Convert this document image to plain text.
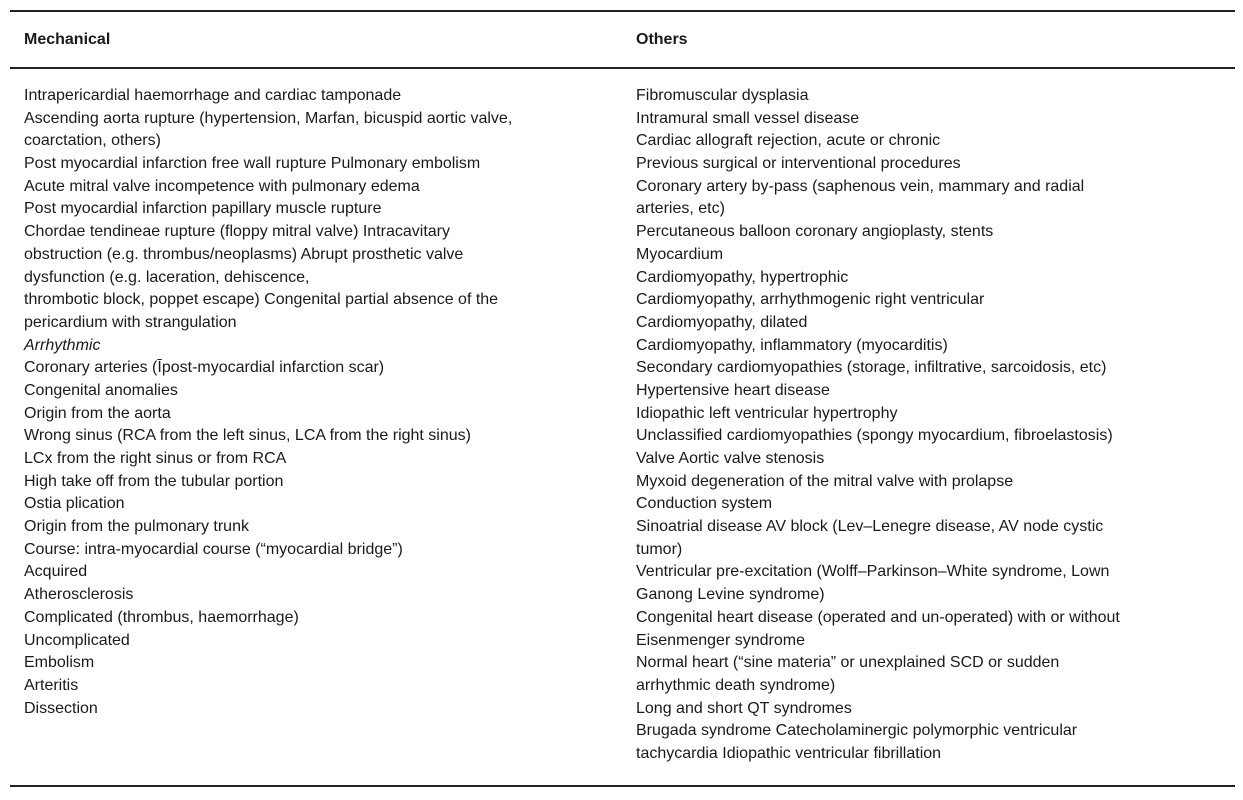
Mechanical	Others
Intrapericardial haemorrhage and cardiac tamponade
Ascending aorta rupture (hypertension, Marfan, bicuspid aortic valve,
coarctation, others)
Post myocardial infarction free wall rupture Pulmonary embolism
Acute mitral valve incompetence with pulmonary edema
Post myocardial infarction papillary muscle rupture
Chordae tendineae rupture (floppy mitral valve) Intracavitary
obstruction (e.g. thrombus/neoplasms) Abrupt prosthetic valve
dysfunction (e.g. laceration, dehiscence,
thrombotic block, poppet escape) Congenital partial absence of the
pericardium with strangulation
Arrhythmic
Coronary arteries (Īpost-myocardial infarction scar)
Congenital anomalies
Origin from the aorta
Wrong sinus (RCA from the left sinus, LCA from the right sinus)
LCx from the right sinus or from RCA
High take off from the tubular portion
Ostia plication
Origin from the pulmonary trunk
Course: intra-myocardial course (“myocardial bridge”)
Acquired
Atherosclerosis
Complicated (thrombus, haemorrhage)
Uncomplicated
Embolism
Arteritis
Dissection
Fibromuscular dysplasia
Intramural small vessel disease
Cardiac allograft rejection, acute or chronic
Previous surgical or interventional procedures
Coronary artery by-pass (saphenous vein, mammary and radial
arteries, etc)
Percutaneous balloon coronary angioplasty, stents
Myocardium
Cardiomyopathy, hypertrophic
Cardiomyopathy, arrhythmogenic right ventricular
Cardiomyopathy, dilated
Cardiomyopathy, inflammatory (myocarditis)
Secondary cardiomyopathies (storage, infiltrative, sarcoidosis, etc)
Hypertensive heart disease
Idiopathic left ventricular hypertrophy
Unclassified cardiomyopathies (spongy myocardium, fibroelastosis)
Valve Aortic valve stenosis
Myxoid degeneration of the mitral valve with prolapse
Conduction system
Sinoatrial disease AV block (Lev–Lenegre disease, AV node cystic
tumor)
Ventricular pre-excitation (Wolff–Parkinson–White syndrome, Lown
Ganong Levine syndrome)
Congenital heart disease (operated and un-operated) with or without
Eisenmenger syndrome
Normal heart (“sine materia” or unexplained SCD or sudden
arrhythmic death syndrome)
Long and short QT syndromes
Brugada syndrome Catecholaminergic polymorphic ventricular
tachycardia Idiopathic ventricular fibrillation
